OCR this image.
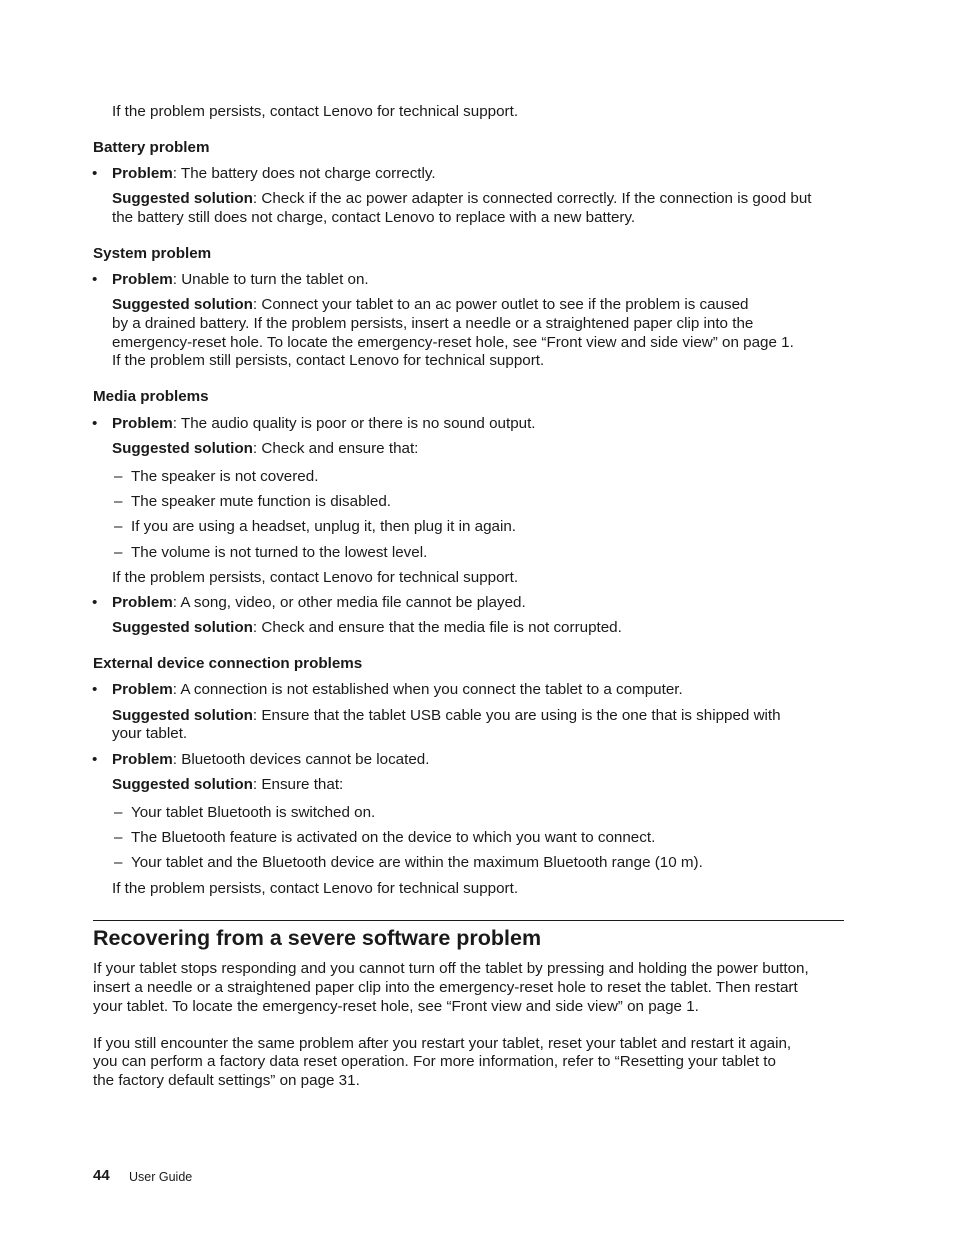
If the problem persists, contact Lenovo for technical support.

Battery problem

• Problem: The battery does not charge correctly.

Suggested solution: Check if the ac power adapter is connected correctly. If the connection is good but

the battery still does not charge, contact Lenovo to replace with a new battery.

System problem

• Problem: Unable to turn the tablet on.

Suggested solution: Connect your tablet to an ac power outlet to see if the problem is caused

by a drained battery. If the problem persists, insert a needle or a straightened paper clip into the

emergency-reset hole. To locate the emergency-reset hole, see “Front view and side view” on page 1.

If the problem still persists, contact Lenovo for technical support.

Media problems

• Problem: The audio quality is poor or there is no sound output.

Suggested solution: Check and ensure that:

– The speaker is not covered.

– The speaker mute function is disabled.

– If you are using a headset, unplug it, then plug it in again.

– The volume is not turned to the lowest level.

If the problem persists, contact Lenovo for technical support.

• Problem: A song, video, or other media file cannot be played.

Suggested solution: Check and ensure that the media file is not corrupted.

External device connection problems

• Problem: A connection is not established when you connect the tablet to a computer.

Suggested solution: Ensure that the tablet USB cable you are using is the one that is shipped with

your tablet.

• Problem: Bluetooth devices cannot be located.

Suggested solution: Ensure that:

– Your tablet Bluetooth is switched on.

– The Bluetooth feature is activated on the device to which you want to connect.

– Your tablet and the Bluetooth device are within the maximum Bluetooth range (10 m).

If the problem persists, contact Lenovo for technical support.

Recovering from a severe software problem

If your tablet stops responding and you cannot turn off the tablet by pressing and holding the power button,

insert a needle or a straightened paper clip into the emergency-reset hole to reset the tablet. Then restart

your tablet. To locate the emergency-reset hole, see “Front view and side view” on page 1.

If you still encounter the same problem after you restart your tablet, reset your tablet and restart it again,

you can perform a factory data reset operation. For more information, refer to “Resetting your tablet to

the factory default settings” on page 31.

44 User Guide
